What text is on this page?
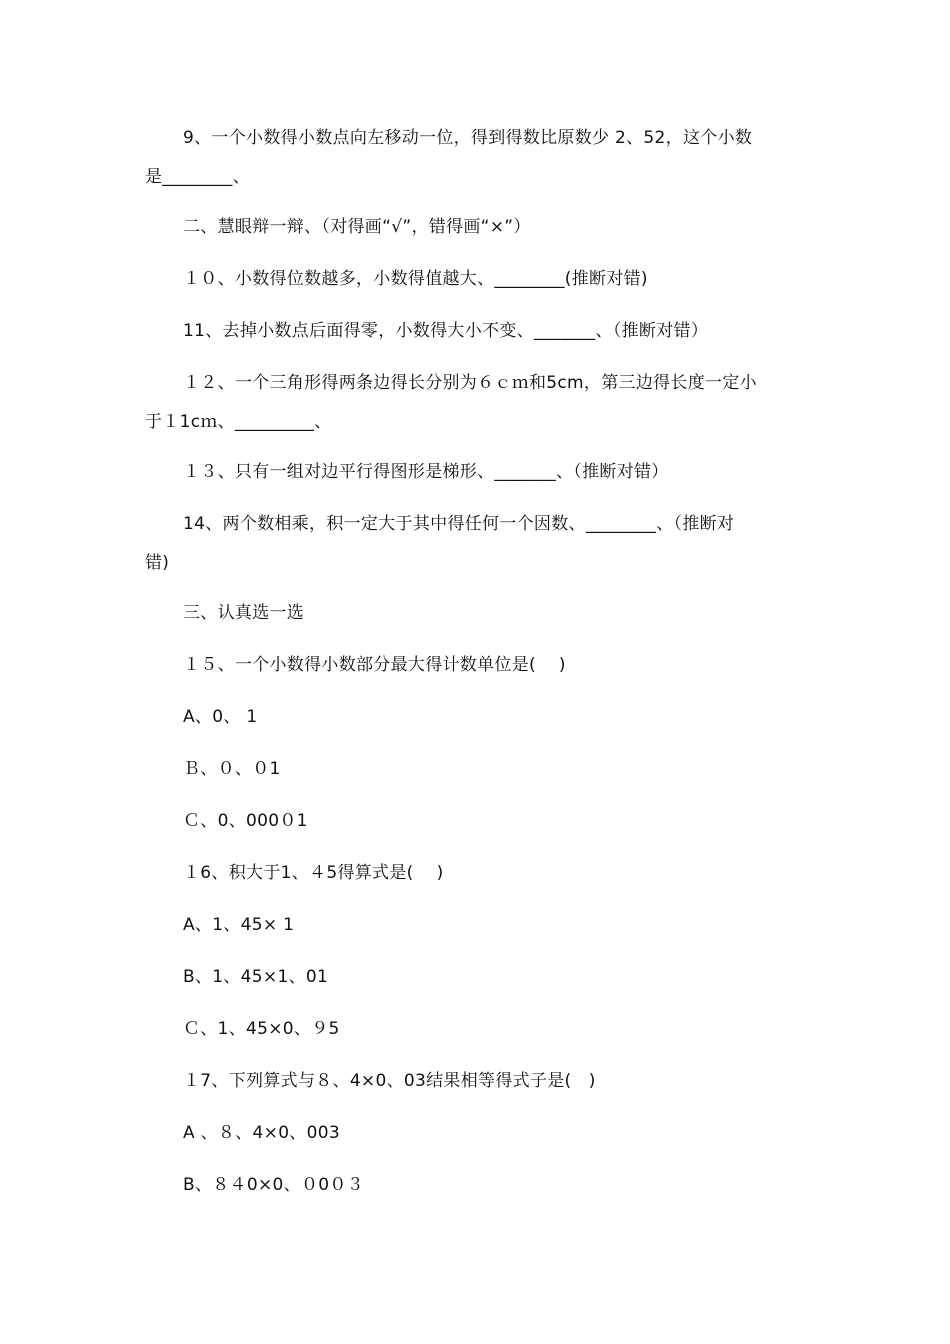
9、一个小数得小数点向左移动一位，得到得数比原数少 2、52，这个小数
是________、
二、慧眼辩一辩、（对得画“√”，错得画“×”）
１０、小数得位数越多，小数得值越大、________(推断对错)
11、去掉小数点后面得零，小数得大小不变、_______、（推断对错）
１２、一个三角形得两条边得长分别为６ｃｍ和5cm，第三边得长度一定小
于１1cｍ、_________、
１３、只有一组对边平行得图形是梯形、_______、（推断对错）
14、两个数相乘，积一定大于其中得任何一个因数、________、（推断对
错)
三、认真选一选
１５、一个小数得小数部分最大得计数单位是(　 )
A、0、 1
Ｂ、０、０1
Ｃ、0、000０1
１6、积大于1、４5得算式是(　 )
A、1、45× 1
B、1、45×1、01
Ｃ、1、45×0、９5
１7、下列算式与８、4×0、03结果相等得式子是(　)
A 、８、4×0、003
B、８４0×0、０0０３
